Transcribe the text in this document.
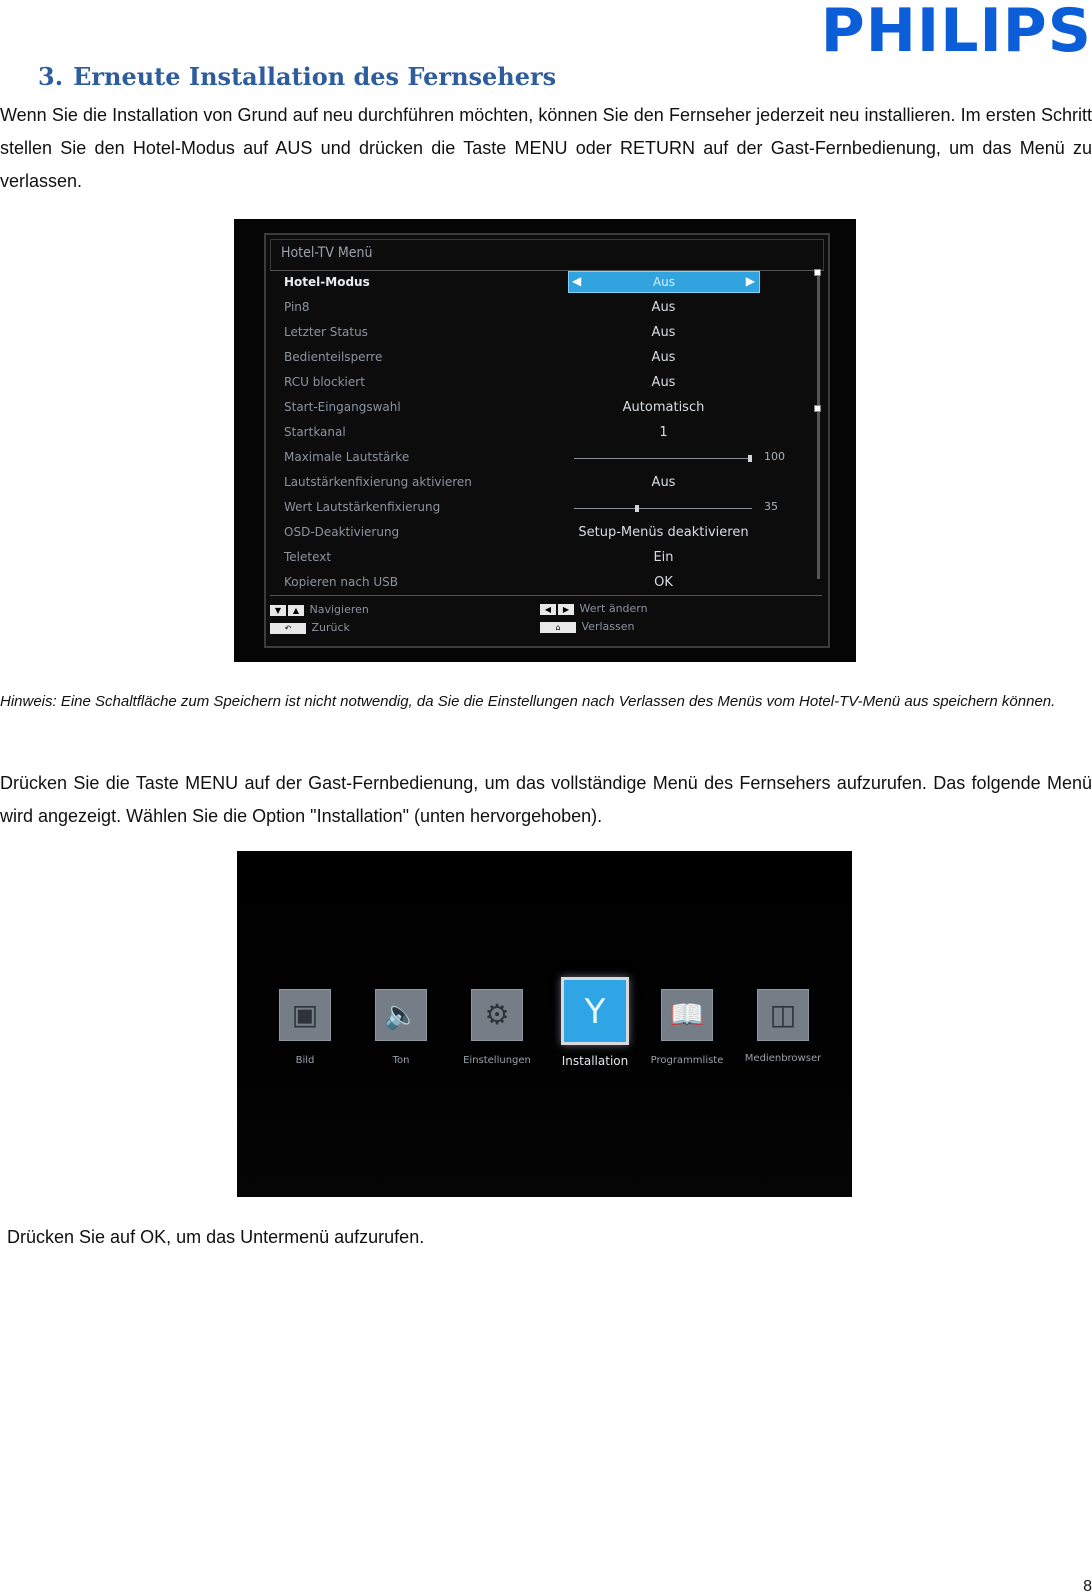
PHILIPS
3. Erneute Installation des Fernsehers
Wenn Sie die Installation von Grund auf neu durchführen möchten, können Sie den Fernseher jederzeit neu installieren. Im ersten Schritt stellen Sie den Hotel-Modus auf AUS und drücken die Taste MENU oder RETURN auf der Gast-Fernbedienung, um das Menü zu verlassen.
Hotel-TV Menü
Hotel-Modus	◀	Aus	▶
Pin8	Aus
Letzter Status	Aus
Bedienteilsperre	Aus
RCU blockiert	Aus
Start-Eingangswahl	Automatisch
Startkanal	1
Maximale Lautstärke	100
Lautstärkenfixierung aktivieren	Aus
Wert Lautstärkenfixierung	35
OSD-Deaktivierung	Setup-Menüs deaktivieren
Teletext	Ein
Kopieren nach USB	OK
▼ ▲ Navigieren
↶ Zurück
◀ ▶ Wert ändern
⌂ Verlassen
Hinweis: Eine Schaltfläche zum Speichern ist nicht notwendig, da Sie die Einstellungen nach Verlassen des Menüs vom Hotel-TV-Menü aus speichern können.
Drücken Sie die Taste MENU auf der Gast-Fernbedienung, um das vollständige Menü des Fernsehers aufzurufen. Das folgende Menü wird angezeigt. Wählen Sie die Option "Installation" (unten hervorgehoben).
▣
Bild
🔈
Ton
⚙
Einstellungen
Υ
Installation
📖
Programmliste
◫
Medienbrowser
Drücken Sie auf OK, um das Untermenü aufzurufen.
8
